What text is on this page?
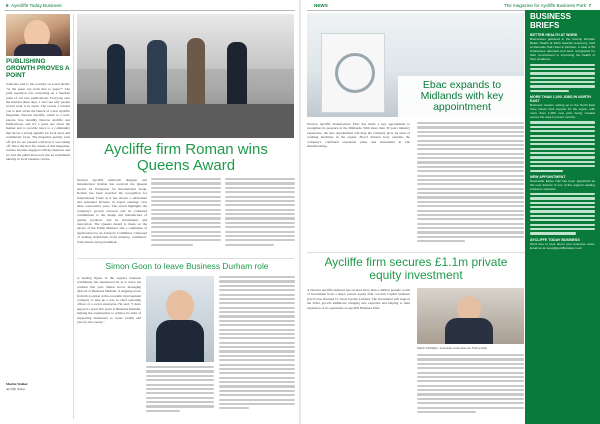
6 Ayecliffe Today Business
PUBLISHING GROWTH PROVES A POINT
Someone said to me recently on social media: "as the paper say from that to paper?" The print operation was converting on a freedom point of our new publications. Everyone sees the Internet these days, I can't see why people would want it in stand. The reason I wanted you to hear about the launch of a new Aycliffe magazine, Newton Aycliffe, which is a well-known, free monthly Newton Aycliffe and Publications, and it's a great test about the market and to provide news to a community that shows a strong appetite for local news and community focus. The magazine quickly took off and we are pleased with how it was taking off. Since the first few issues of this magazine, readers became engaged with the business and we feel the publication now has an established identity in local business circles.
Martin Walker
Aycliffe Today
Aycliffe firm Roman wins Queens Award
Newton Aycliffe bathroom designer and manufacturer Roman has received the Queens Award for Enterprise for International Trade. Roman has been awarded the recognition for International Trade as it has shown a substantial and sustained increase in export earnings over three consecutive years. The award highlights the company's growth overseas and its continued commitment to the design and manufacture of quality products, and its investments and innovation. The Queens Award is made on the advice of the Prime Minister and a committee of applications by an Advisory Committee composed of leading individuals from industry, commerce, trade unions and government.
Simon Goon to leave Business Durham role
A leading figure in the region's business community has announced he is to leave his position this year. Simon Goon, managing director of Business Durham, is stepping down from his position at the economic development company to take up a role as chief operating officer of a social enterprise. He said: "I have enjoyed a great five years at Business Durham, helping the organisation to achieve its aims of supporting businesses to create wealth and jobs for the county."
NEWS	The magazine for Aycliffe Business Park 7
Ebac expands to Midlands with key appointment
Newton Aycliffe manufacturer Ebac has made a key appointment to strengthen its presence in the Midlands. With more than 30 years industry experience, the new appointment will help the company grow its sales of washing machines in the region. Ebac's Kirsten Gray explains the company's continued expansion plans and investment in UK manufacturing.
Aycliffe firm secures £1.1m private equity investment
A Newton Aycliffe business has secured more than a million pounds' worth of investment from a major private equity firm. Growth Capital Ventures (GCV) has invested £1.1m in Gyomo Limited. The investment will support the firm's growth ambitions, bringing new expertise and helping to fund expansion of its operations on Aycliffe Business Park.
Martin McMillan, associate at Endeavour Partnership
BUSINESS BRIEFS
BETTER HEALTH AT WORK
Businesses gathered in the County Durham Better Health at Work Awards ceremony, held at Ramside Hall Hotel in Durham. A total of 50 businesses attended and were recognised for their commitment to improving the health of their workforce.
MORE THAN 1,000 JOBS IN NORTH EAST
Business owners setting up in the North East have shown their support for the region, with more than 1,000 new jobs being created across the area in recent months.
NEW APPOINTMENT
Newcastle Ethan Hall has been appointed as the new director of one of the region's leading business networks.
AYCLIFFE TODAY BUSINESS
We'd love to hear about your business news. Email us at news@aycliffetoday.co.uk
